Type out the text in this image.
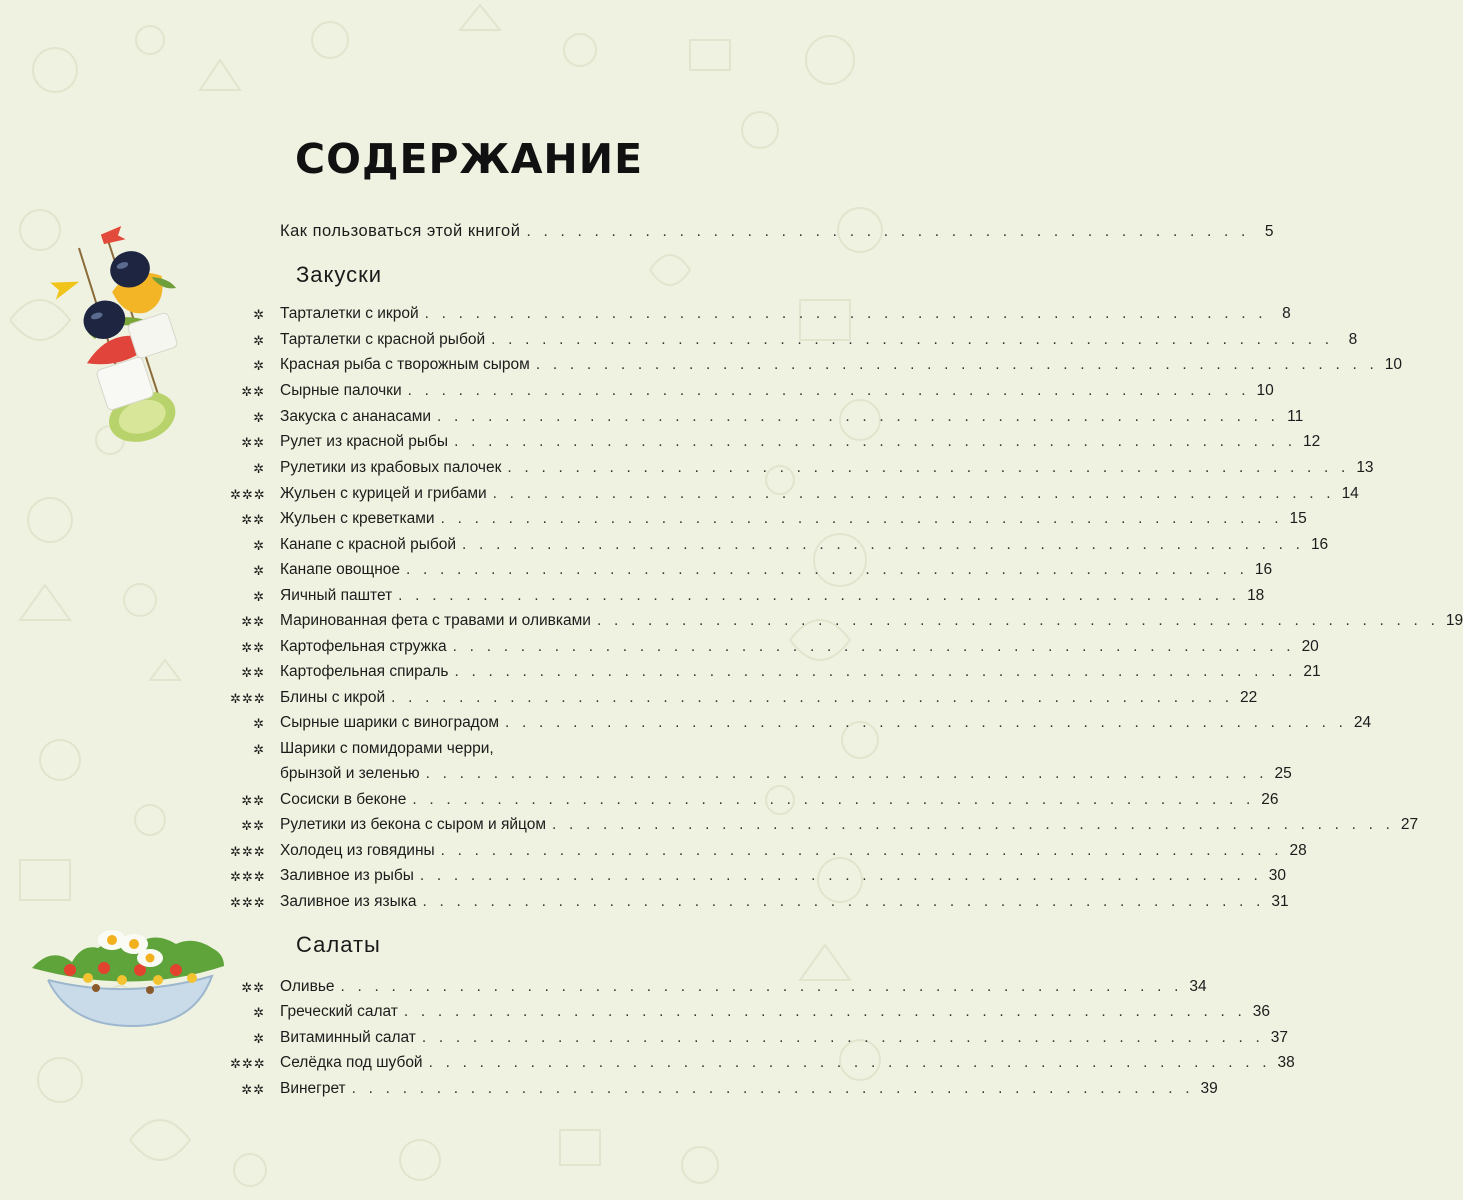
СОДЕРЖАНИЕ
Как пользоваться этой книгой . . . . . . . . . . . . . . . . . . . . . . . . . . . . . . . . . . . . . . . . . . . 5
Закуски
✲ Тарталетки с икрой . . . . . . . . . . . . . . . . . . . . . . . . . . . . . . . . . . . . . . . . . . . . . . . . . . 8
✲ Тарталетки с красной рыбой . . . . . . . . . . . . . . . . . . . . . . . . . . . . . . . . . . . . . . . . . . . . . . . . . . 8
✲ Красная рыба с творожным сыром . . . . . . . . . . . . . . . . . . . . . . . . . . . . . . . . . . . . . . . . . . . . . . . . . . 10
✲✲ Сырные палочки . . . . . . . . . . . . . . . . . . . . . . . . . . . . . . . . . . . . . . . . . . . . . . . . . . 10
✲ Закуска с ананасами . . . . . . . . . . . . . . . . . . . . . . . . . . . . . . . . . . . . . . . . . . . . . . . . . . 11
✲✲ Рулет из красной рыбы . . . . . . . . . . . . . . . . . . . . . . . . . . . . . . . . . . . . . . . . . . . . . . . . . . 12
✲ Рулетики из крабовых палочек . . . . . . . . . . . . . . . . . . . . . . . . . . . . . . . . . . . . . . . . . . . . . . . . . . 13
✲✲✲ Жульен с курицей и грибами . . . . . . . . . . . . . . . . . . . . . . . . . . . . . . . . . . . . . . . . . . . . . . . . . . 14
✲✲ Жульен с креветками . . . . . . . . . . . . . . . . . . . . . . . . . . . . . . . . . . . . . . . . . . . . . . . . . . 15
✲ Канапе с красной рыбой . . . . . . . . . . . . . . . . . . . . . . . . . . . . . . . . . . . . . . . . . . . . . . . . . . 16
✲ Канапе овощное . . . . . . . . . . . . . . . . . . . . . . . . . . . . . . . . . . . . . . . . . . . . . . . . . . 16
✲ Яичный паштет . . . . . . . . . . . . . . . . . . . . . . . . . . . . . . . . . . . . . . . . . . . . . . . . . . 18
✲✲ Маринованная фета с травами и оливками . . . . . . . . . . . . . . . . . . . . . . . . . . . . . . . . . . . . . . . . . . . . . . . . . . 19
✲✲ Картофельная стружка . . . . . . . . . . . . . . . . . . . . . . . . . . . . . . . . . . . . . . . . . . . . . . . . . . 20
✲✲ Картофельная спираль . . . . . . . . . . . . . . . . . . . . . . . . . . . . . . . . . . . . . . . . . . . . . . . . . . 21
✲✲✲ Блины с икрой . . . . . . . . . . . . . . . . . . . . . . . . . . . . . . . . . . . . . . . . . . . . . . . . . . 22
✲ Сырные шарики с виноградом . . . . . . . . . . . . . . . . . . . . . . . . . . . . . . . . . . . . . . . . . . . . . . . . . . 24
✲ Шарики с помидорами черри,
брынзой и зеленью . . . . . . . . . . . . . . . . . . . . . . . . . . . . . . . . . . . . . . . . . . . . . . . . . . 25
✲✲ Сосиски в беконе . . . . . . . . . . . . . . . . . . . . . . . . . . . . . . . . . . . . . . . . . . . . . . . . . . 26
✲✲ Рулетики из бекона с сыром и яйцом . . . . . . . . . . . . . . . . . . . . . . . . . . . . . . . . . . . . . . . . . . . . . . . . . . 27
✲✲✲ Холодец из говядины . . . . . . . . . . . . . . . . . . . . . . . . . . . . . . . . . . . . . . . . . . . . . . . . . . 28
✲✲✲ Заливное из рыбы . . . . . . . . . . . . . . . . . . . . . . . . . . . . . . . . . . . . . . . . . . . . . . . . . . 30
✲✲✲ Заливное из языка . . . . . . . . . . . . . . . . . . . . . . . . . . . . . . . . . . . . . . . . . . . . . . . . . . 31
Салаты
✲✲ Оливье . . . . . . . . . . . . . . . . . . . . . . . . . . . . . . . . . . . . . . . . . . . . . . . . . . 34
✲ Греческий салат . . . . . . . . . . . . . . . . . . . . . . . . . . . . . . . . . . . . . . . . . . . . . . . . . . 36
✲ Витаминный салат . . . . . . . . . . . . . . . . . . . . . . . . . . . . . . . . . . . . . . . . . . . . . . . . . . 37
✲✲✲ Селёдка под шубой . . . . . . . . . . . . . . . . . . . . . . . . . . . . . . . . . . . . . . . . . . . . . . . . . . 38
✲✲ Винегрет . . . . . . . . . . . . . . . . . . . . . . . . . . . . . . . . . . . . . . . . . . . . . . . . . . 39
